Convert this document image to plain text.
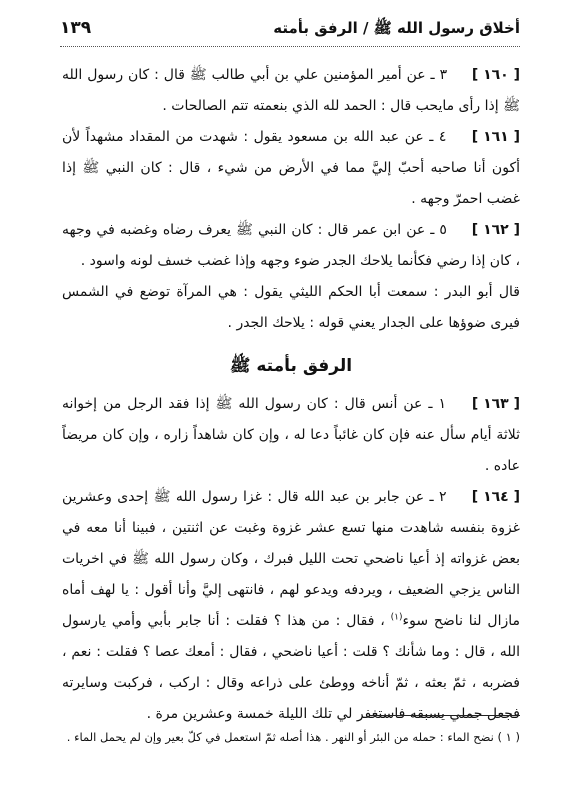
أخلاق رسول الله ﷺ / الرفق بأمته
١٣٩

[ ١٦٠ ] ٣ ـ عن أمير المؤمنين علي بن أبي طالب ﷺ قال : كان رسول الله ﷺ إذا رأى مايحب قال : الحمد لله الذي بنعمته تتم الصالحات .

[ ١٦١ ] ٤ ـ عن عبد الله بن مسعود يقول : شهدت من المقداد مشهداً لأن أكون أنا صاحبه أحبّ إليَّ مما في الأرض من شيء ، قال : كان النبي ﷺ إذا غضب احمرّ وجهه .

[ ١٦٢ ] ٥ ـ عن ابن عمر قال : كان النبي ﷺ يعرف رضاه وغضبه في وجهه ، كان إذا رضي فكأنما يلاحك الجدر ضوء وجهه وإذا غضب خسف لونه واسود .

قال أبو البدر : سمعت أبا الحكم الليثي يقول : هي المرآة توضع في الشمس فيرى ضوؤها على الجدار يعني قوله : يلاحك الجدر .

الرفق بأمته ﷺ

[ ١٦٣ ] ١ ـ عن أنس قال : كان رسول الله ﷺ إذا فقد الرجل من إخوانه ثلاثة أيام سأل عنه فإن كان غائباً دعا له ، وإن كان شاهداً زاره ، وإن كان مريضاً عاده .

[ ١٦٤ ] ٢ ـ عن جابر بن عبد الله قال : غزا رسول الله ﷺ إحدى وعشرين غزوة بنفسه شاهدت منها تسع عشر غزوة وغبت عن اثنتين ، فبينا أنا معه في بعض غزواته إذ أعيا ناضحي تحت الليل فبرك ، وكان رسول الله ﷺ في اخريات الناس يزجي الضعيف ، ويردفه ويدعو لهم ، فانتهى إليَّ وأنا أقول : يا لهف أماه مازال لنا ناضح سوء$^{(١)}$ ، فقال : من هذا ؟ فقلت : أنا جابر بأبي وأمي يارسول الله ، قال : وما شأنك ؟ قلت : أعيا ناضحي ، فقال : أمعك عصا ؟ فقلت : نعم ، فضربه ، ثمّ بعثه ، ثمّ أناخه ووطئ على ذراعه وقال : اركب ، فركبت وسايرته فجعل جملي يسبقه فاستغفر لي تلك الليلة خمسة وعشرين مرة .

( ١ ) نضح الماء : حمله من البئر أو النهر . هذا أصله ثمّ استعمل في كلّ بعير وإن لم يحمل الماء .
